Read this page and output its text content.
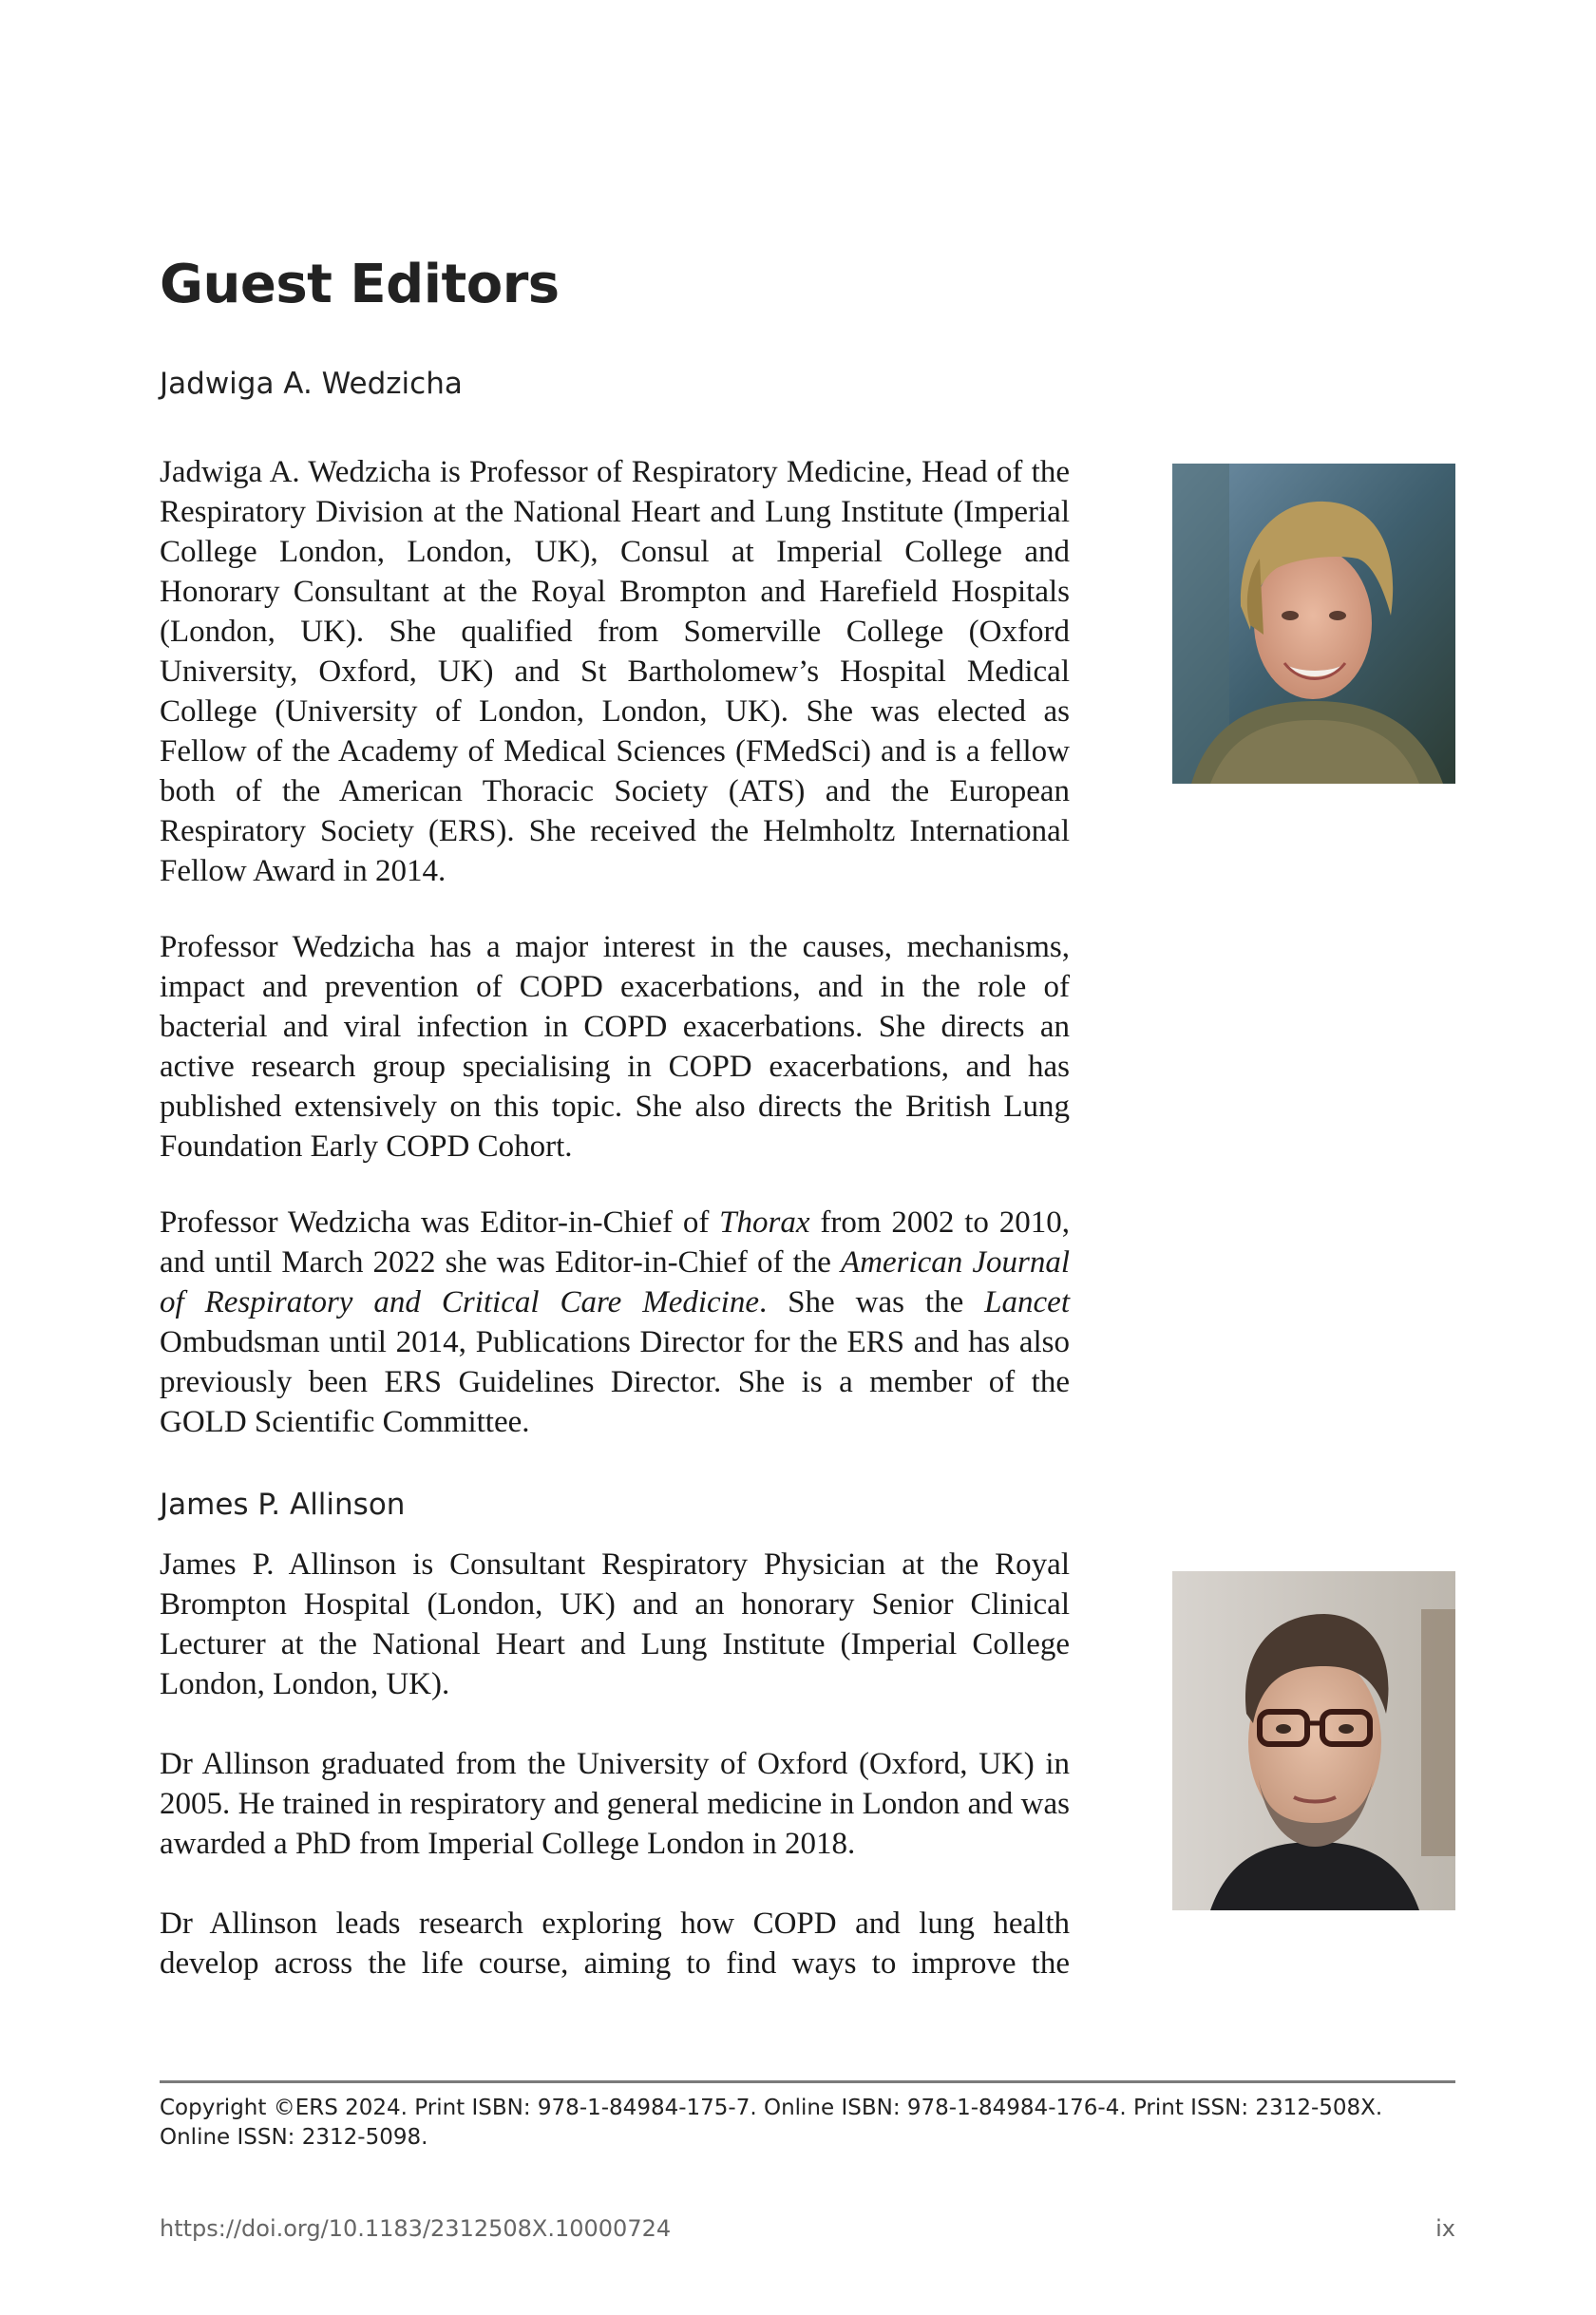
Guest Editors
Jadwiga A. Wedzicha

Jadwiga A. Wedzicha is Professor of Respiratory Medicine, Head of the Respiratory Division at the National Heart and Lung Institute (Imperial College London, London, UK), Consul at Imperial College and Honorary Consultant at the Royal Brompton and Harefield Hospitals (London, UK). She qualified from Somerville College (Oxford University, Oxford, UK) and St Bartholomew’s Hospital Medical College (University of London, London, UK). She was elected as Fellow of the Academy of Medical Sciences (FMedSci) and is a fellow both of the American Thoracic Society (ATS) and the European Respiratory Society (ERS). She received the Helmholtz International Fellow Award in 2014.

Professor Wedzicha has a major interest in the causes, mechanisms, impact and prevention of COPD exacerbations, and in the role of bacterial and viral infection in COPD exacerbations. She directs an active research group specialising in COPD exacerbations, and has published extensively on this topic. She also directs the British Lung Foundation Early COPD Cohort.

Professor Wedzicha was Editor-in-Chief of Thorax from 2002 to 2010, and until March 2022 she was Editor-in-Chief of the American Journal of Respiratory and Critical Care Medicine. She was the Lancet Ombudsman until 2014, Publications Director for the ERS and has also previously been ERS Guidelines Director. She is a member of the GOLD Scientific Committee.

James P. Allinson

James P. Allinson is Consultant Respiratory Physician at the Royal Brompton Hospital (London, UK) and an honorary Senior Clinical Lecturer at the National Heart and Lung Institute (Imperial College London, London, UK).

Dr Allinson graduated from the University of Oxford (Oxford, UK) in 2005. He trained in respiratory and general medicine in London and was awarded a PhD from Imperial College London in 2018.

Dr Allinson leads research exploring how COPD and lung health develop across the life course, aiming to find ways to improve the

Copyright ©ERS 2024. Print ISBN: 978-1-84984-175-7. Online ISBN: 978-1-84984-176-4. Print ISSN: 2312-508X. Online ISSN: 2312-5098.
https://doi.org/10.1183/2312508X.10000724	ix
